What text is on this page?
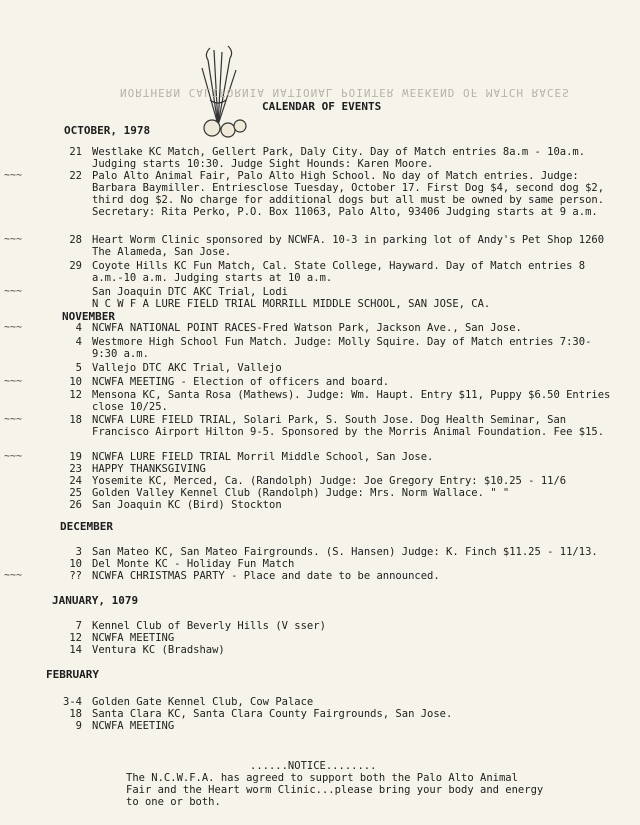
NORTHERN CALIFORNIA NATIONAL POINTER WEEKEND OF MATCH RACES
CALENDAR OF EVENTS
OCTOBER, 1978
21 Westlake KC Match, Gellert Park, Daly City. Day of Match entries 8a.m - 10a.m. Judging starts 10:30. Judge Sight Hounds: Karen Moore.
~~~	22 Palo Alto Animal Fair, Palo Alto High School. No day of Match entries. Judge: Barbara Baymiller. Entriesclose Tuesday, October 17. First Dog $4, second dog $2, third dog $2. No charge for additional dogs but all must be owned by same person. Secretary: Rita Perko, P.O. Box 11063, Palo Alto, 93406 Judging starts at 9 a.m.
~~~	28 Heart Worm Clinic sponsored by NCWFA. 10-3 in parking lot of Andy's Pet Shop 1260 The Alameda, San Jose.
29 Coyote Hills KC Fun Match, Cal. State College, Hayward. Day of Match entries 8 a.m.-10 a.m. Judging starts at 10 a.m.
~~~	San Joaquin DTC AKC Trial, Lodi
N C W F A LURE FIELD TRIAL MORRILL MIDDLE SCHOOL, SAN JOSE, CA.
NOVEMBER
~~~	4 NCWFA NATIONAL POINT RACES-Fred Watson Park, Jackson Ave., San Jose.
4 Westmore High School Fun Match. Judge: Molly Squire. Day of Match entries 7:30-9:30 a.m.
5 Vallejo DTC AKC Trial, Vallejo
~~~	10 NCWFA MEETING - Election of officers and board.
12 Mensona KC, Santa Rosa (Mathews). Judge: Wm. Haupt. Entry $11, Puppy $6.50 Entries close 10/25.
~~~	18 NCWFA LURE FIELD TRIAL, Solari Park, S. South Jose. Dog Health Seminar, San Francisco Airport Hilton 9-5. Sponsored by the Morris Animal Foundation. Fee $15.
~~~	19 NCWFA LURE FIELD TRIAL Morril Middle School, San Jose.
23 HAPPY THANKSGIVING
24 Yosemite KC, Merced, Ca. (Randolph) Judge: Joe Gregory Entry: $10.25 - 11/6
25 Golden Valley Kennel Club (Randolph) Judge: Mrs. Norm Wallace. " "
26 San Joaquin KC (Bird) Stockton
DECEMBER
3 San Mateo KC, San Mateo Fairgrounds. (S. Hansen) Judge: K. Finch $11.25 - 11/13.
10 Del Monte KC - Holiday Fun Match
~~~	?? NCWFA CHRISTMAS PARTY - Place and date to be announced.
JANUARY, 1079
7 Kennel Club of Beverly Hills (V sser)
12 NCWFA MEETING
14 Ventura KC (Bradshaw)
FEBRUARY
3-4 Golden Gate Kennel Club, Cow Palace
18 Santa Clara KC, Santa Clara County Fairgrounds, San Jose.
9 NCWFA MEETING
......NOTICE........
The N.C.W.F.A. has agreed to support both the Palo Alto Animal Fair and the Heart worm Clinic...please bring your body and energy to one or both.
